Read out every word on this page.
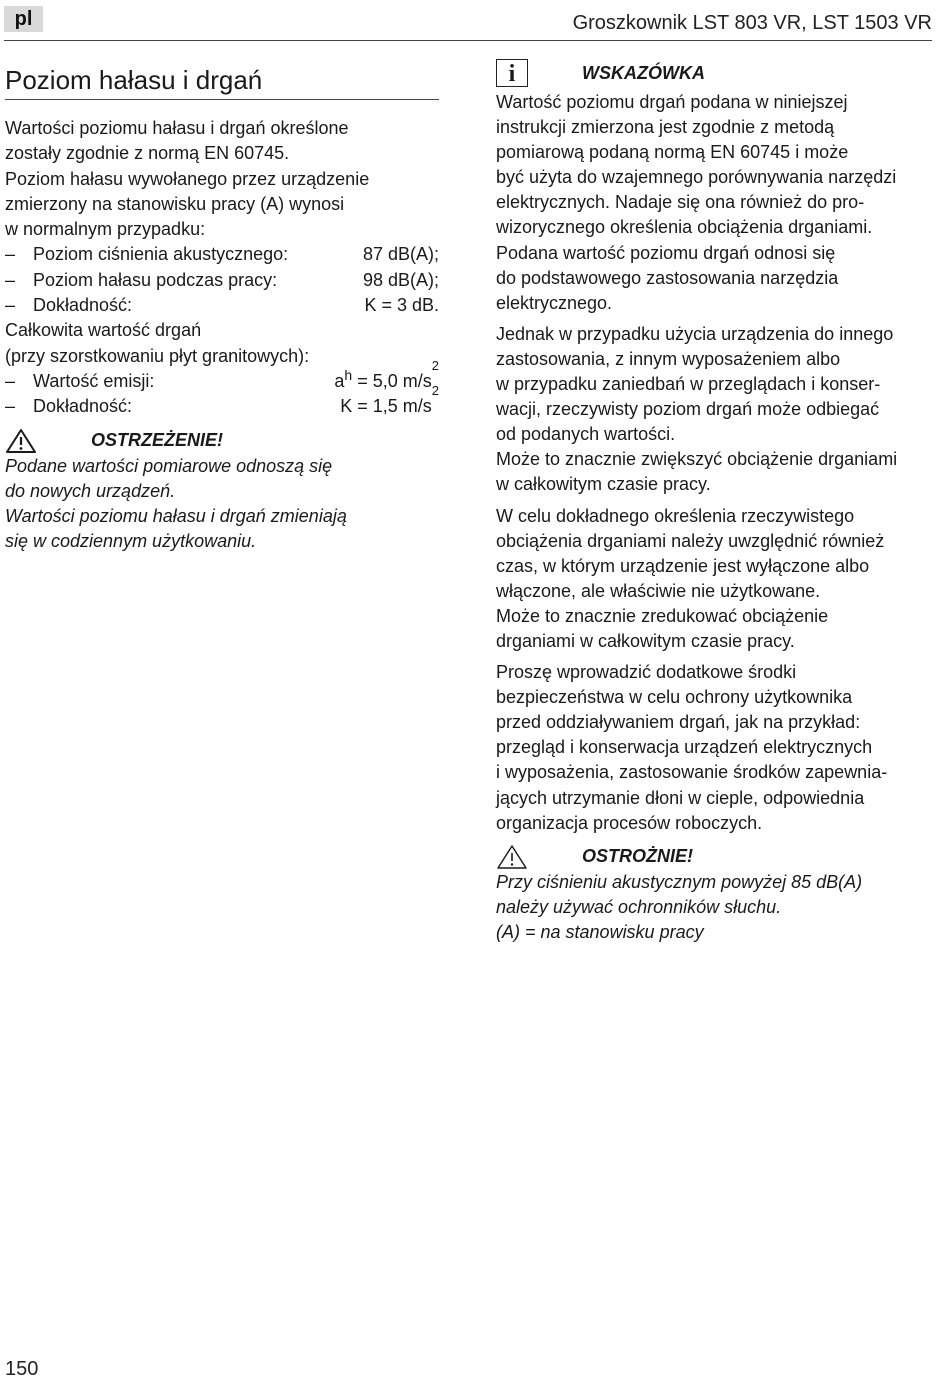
pl	Groszkownik LST 803 VR, LST 1503 VR
Poziom hałasu i drgań

Wartości poziomu hałasu i drgań określone

zostały zgodnie z normą EN 60745.

Poziom hałasu wywołanego przez urządzenie

zmierzony na stanowisku pracy (A) wynosi

w normalnym przypadku:

– Poziom ciśnienia akustycznego:	87 dB(A);
– Poziom hałasu podczas pracy:	98 dB(A);
– Dokładność:	K = 3 dB.

Całkowita wartość drgań

(przy szorstkowaniu płyt granitowych):

– Wartość emisji:	$a_h = 5,0$ $m/s^2$
– Dokładność:	K = 1,5 $m/s^2$
OSTRZEŻENIE!

Podane wartości pomiarowe odnoszą się

do nowych urządzeń.

Wartości poziomu hałasu i drgań zmieniają

się w codziennym użytkowaniu.

i	WSKAZÓWKA

Wartość poziomu drgań podana w niniejszej

instrukcji zmierzona jest zgodnie z metodą

pomiarową podaną normą EN 60745 i może

być użyta do wzajemnego porównywania narzędzi

elektrycznych. Nadaje się ona również do pro-

wizorycznego określenia obciążenia drganiami.

Podana wartość poziomu drgań odnosi się

do podstawowego zastosowania narzędzia

elektrycznego.

Jednak w przypadku użycia urządzenia do innego

zastosowania, z innym wyposażeniem albo

w przypadku zaniedbań w przeglądach i konser-

wacji, rzeczywisty poziom drgań może odbiegać

od podanych wartości.

Może to znacznie zwiększyć obciążenie drganiami

w całkowitym czasie pracy.

W celu dokładnego określenia rzeczywistego

obciążenia drganiami należy uwzględnić również

czas, w którym urządzenie jest wyłączone albo

włączone, ale właściwie nie użytkowane.

Może to znacznie zredukować obciążenie

drganiami w całkowitym czasie pracy.

Proszę wprowadzić dodatkowe środki

bezpieczeństwa w celu ochrony użytkownika

przed oddziaływaniem drgań, jak na przykład:

przegląd i konserwacja urządzeń elektrycznych

i wyposażenia, zastosowanie środków zapewnia-

jących utrzymanie dłoni w cieple, odpowiednia

organizacja procesów roboczych.

OSTROŻNIE!

Przy ciśnieniu akustycznym powyżej 85 dB(A)

należy używać ochronników słuchu.

(A) = na stanowisku pracy

150
